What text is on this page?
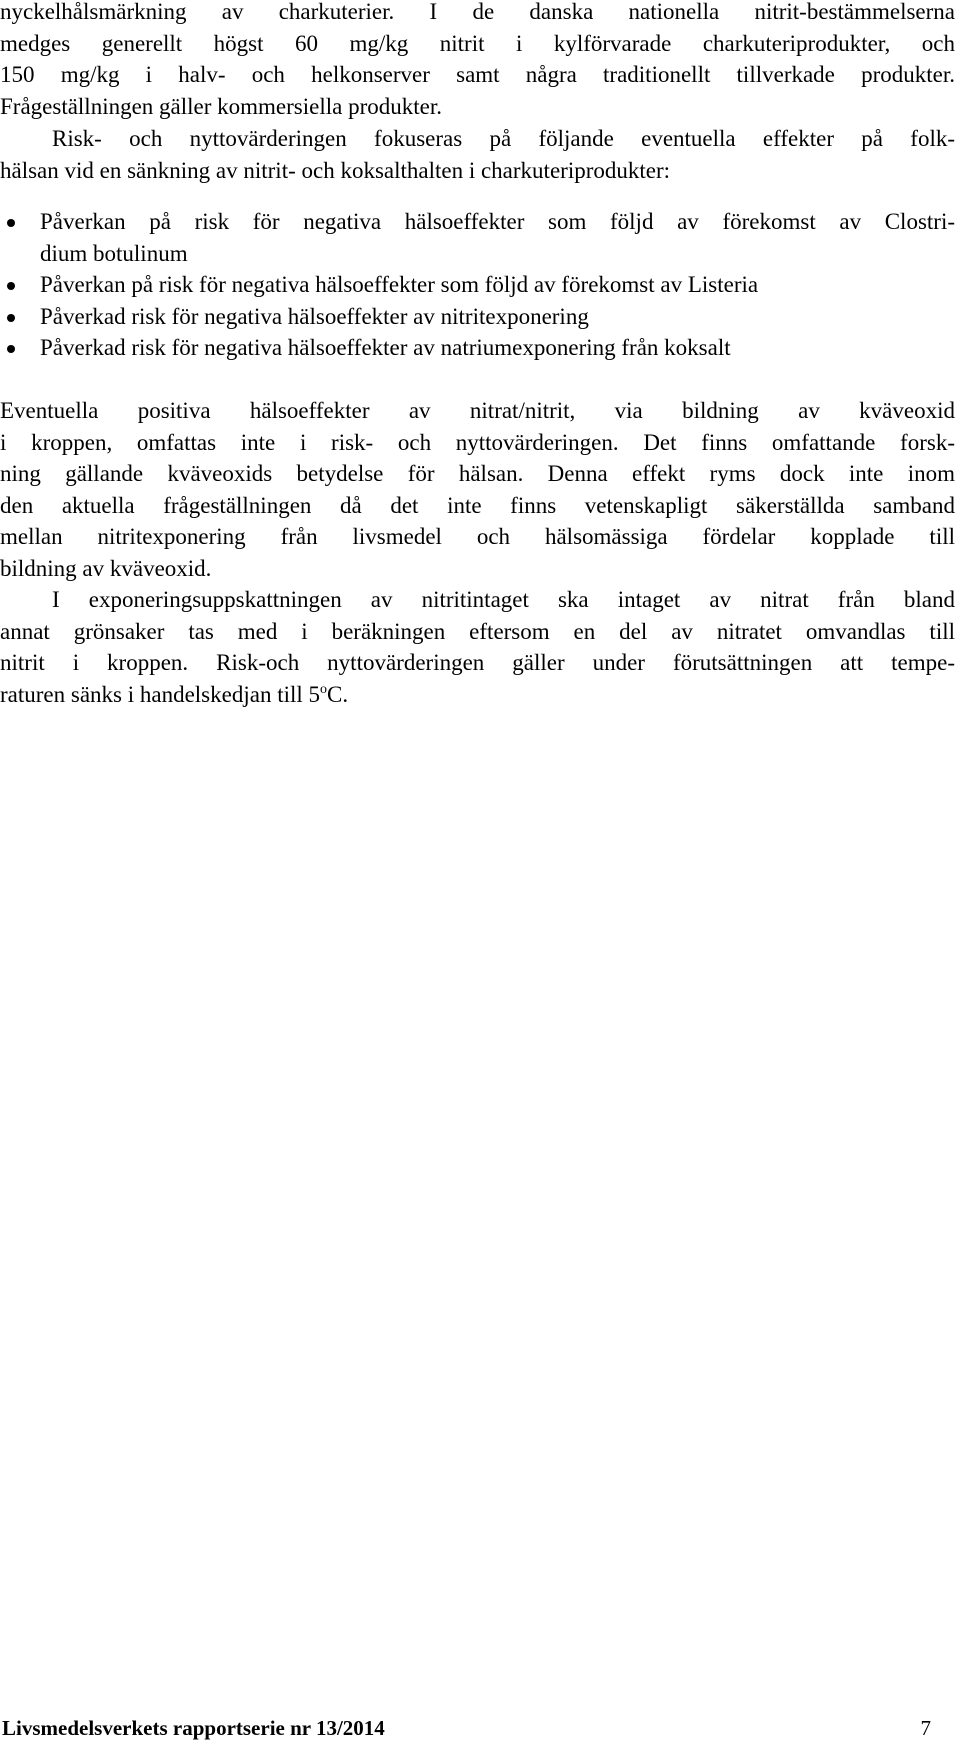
nyckelhålsmärkning av charkuterier. I de danska nationella nitrit-bestämmelserna
medges generellt högst 60 mg/kg nitrit i kylförvarade charkuteriprodukter, och
150 mg/kg i halv- och helkonserver samt några traditionellt tillverkade produkter.
Frågeställningen gäller kommersiella produkter.
Risk- och nyttovärderingen fokuseras på följande eventuella effekter på folk-
hälsan vid en sänkning av nitrit- och koksalthalten i charkuteriprodukter:
Påverkan på risk för negativa hälsoeffekter som följd av förekomst av Clostri-
dium botulinum
Påverkan på risk för negativa hälsoeffekter som följd av förekomst av Listeria
Påverkad risk för negativa hälsoeffekter av nitritexponering
Påverkad risk för negativa hälsoeffekter av natriumexponering från koksalt
Eventuella positiva hälsoeffekter av nitrat/nitrit, via bildning av kväveoxid
i kroppen, omfattas inte i risk- och nyttovärderingen. Det finns omfattande forsk-
ning gällande kväveoxids betydelse för hälsan. Denna effekt ryms dock inte inom
den aktuella frågeställningen då det inte finns vetenskapligt säkerställda samband
mellan nitritexponering från livsmedel och hälsomässiga fördelar kopplade till
bildning av kväveoxid.
I exponeringsuppskattningen av nitritintaget ska intaget av nitrat från bland
annat grönsaker tas med i beräkningen eftersom en del av nitratet omvandlas till
nitrit i kroppen. Risk-och nyttovärderingen gäller under förutsättningen att tempe-
raturen sänks i handelskedjan till 5$^o$C.
Livsmedelsverkets rapportserie nr 13/2014	7
